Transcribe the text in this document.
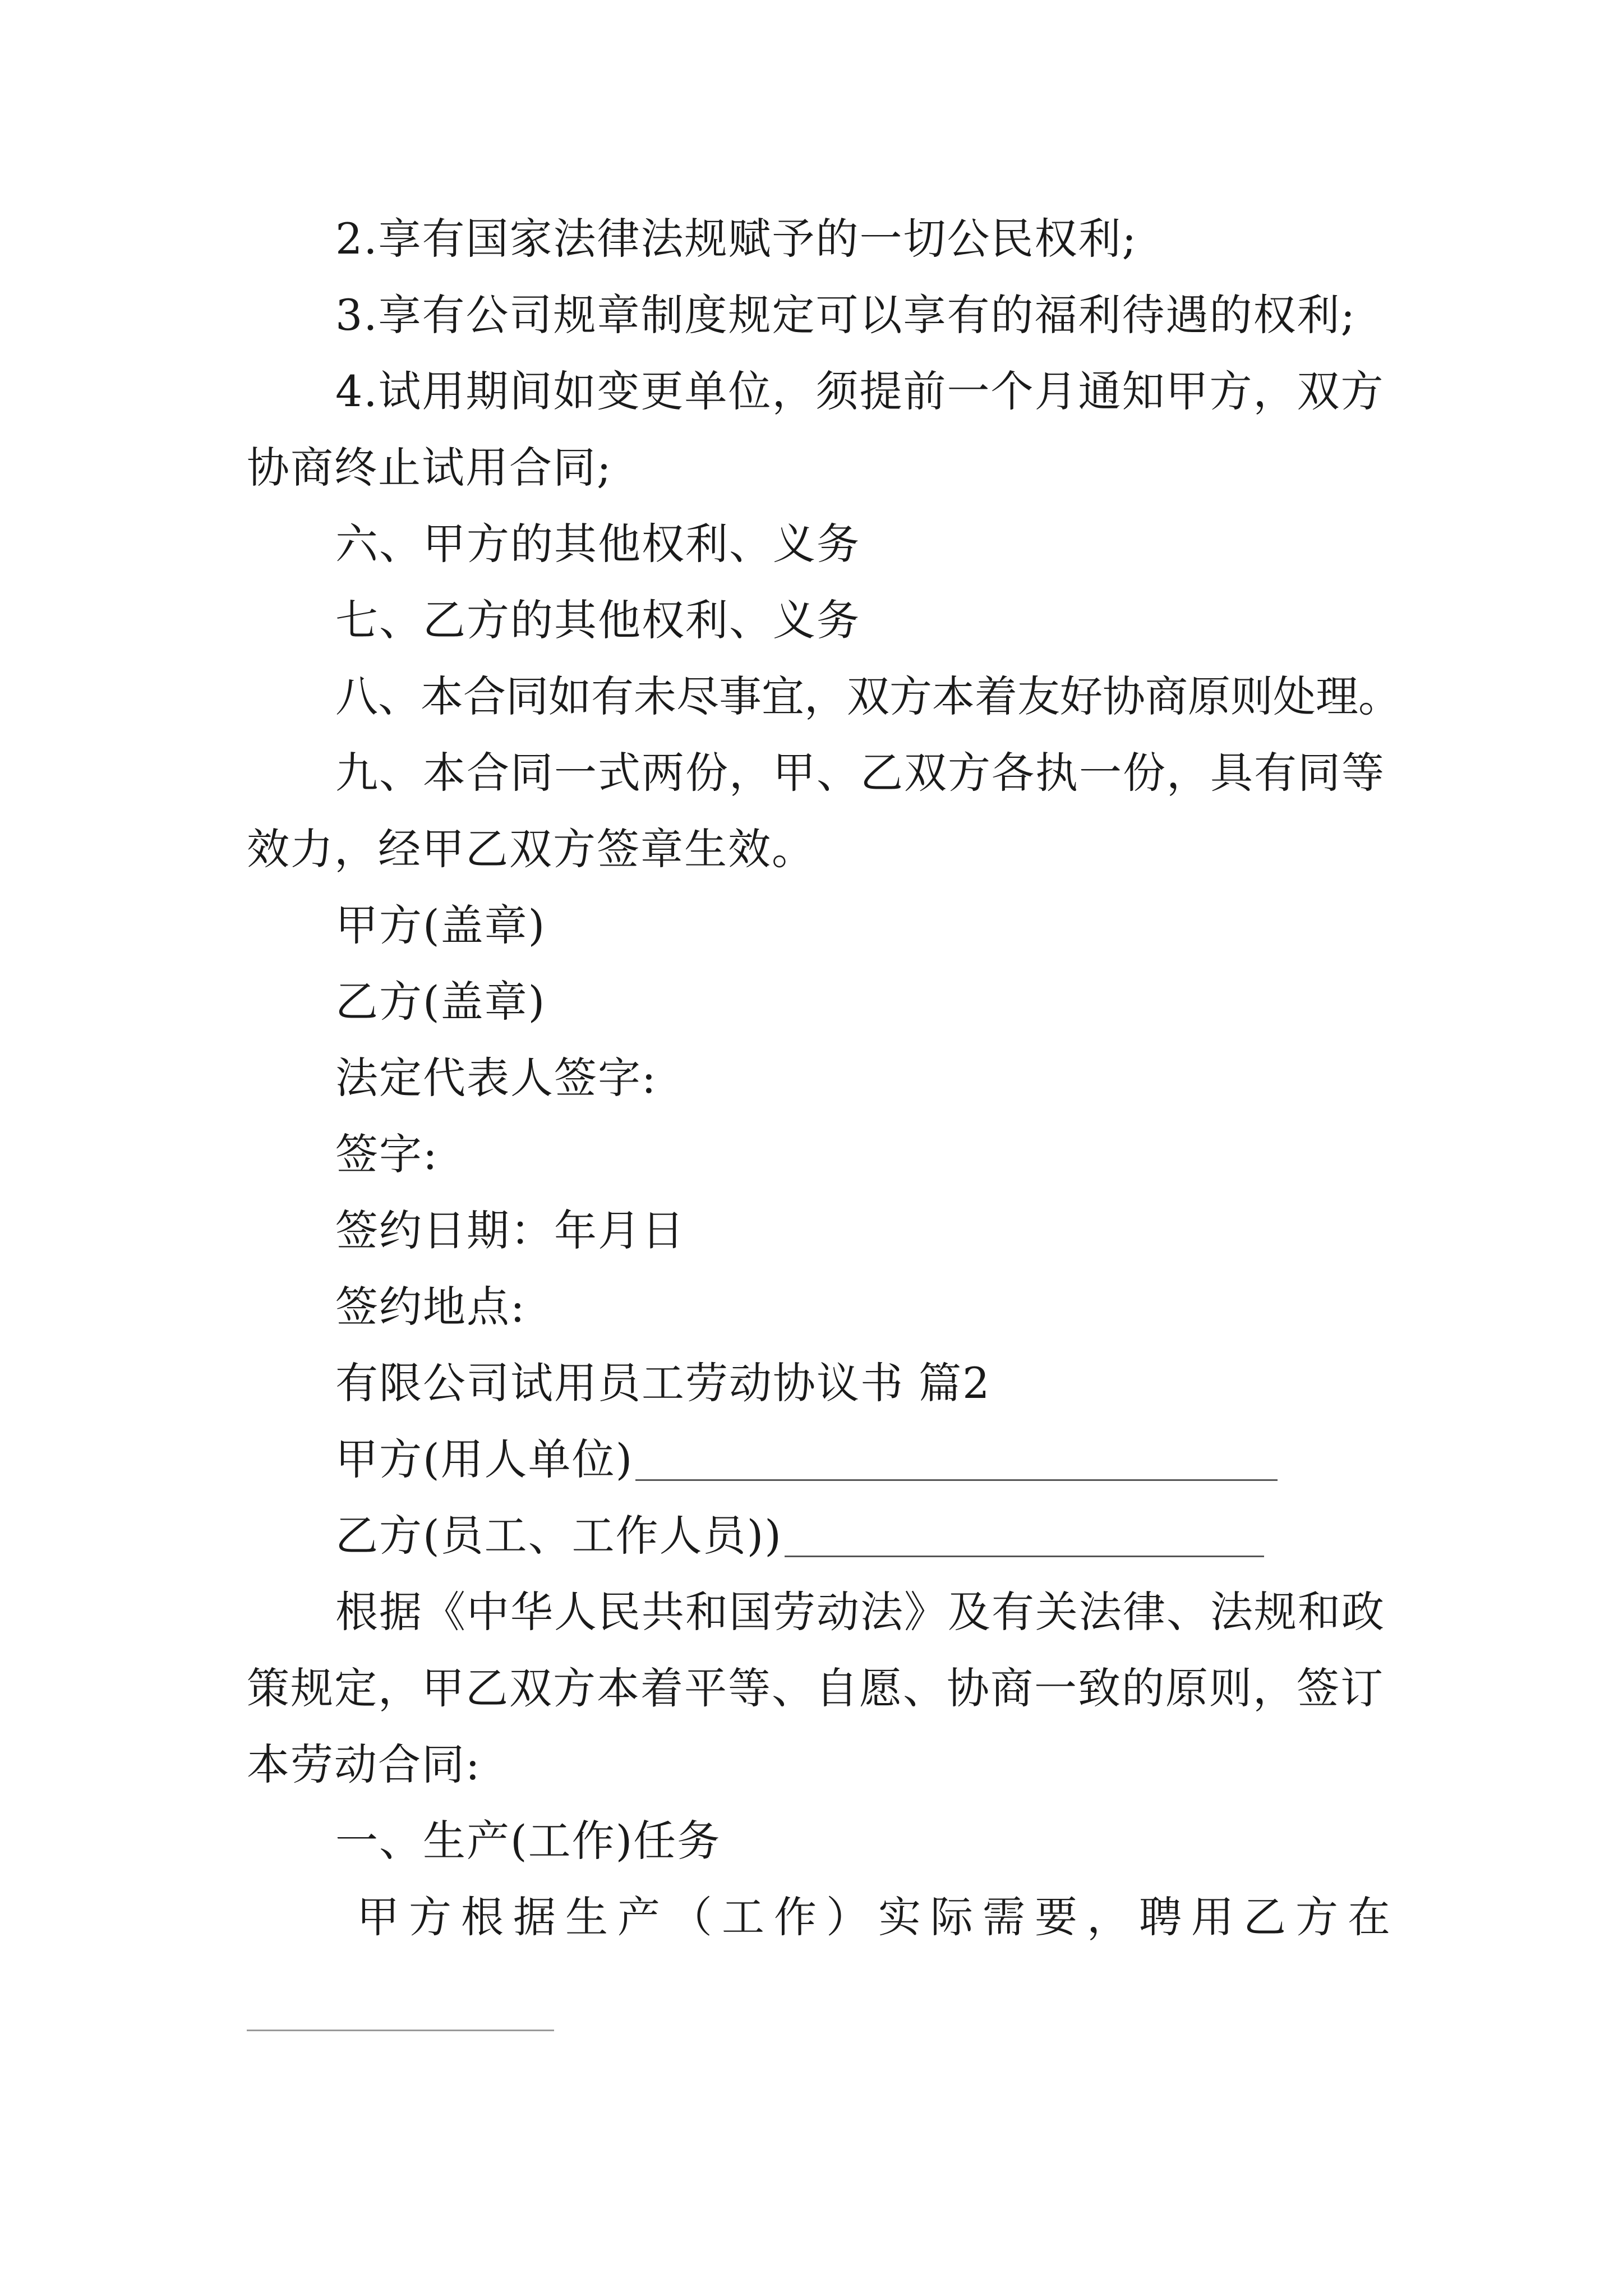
2.享有国家法律法规赋予的一切公民权利;
3.享有公司规章制度规定可以享有的福利待遇的权利;
4.试用期间如变更单位，须提前一个月通知甲方，双方
协商终止试用合同;
六、甲方的其他权利、义务
七、乙方的其他权利、义务
八、本合同如有未尽事宜，双方本着友好协商原则处理。
九、本合同一式两份，甲、乙双方各执一份，具有同等
效力，经甲乙双方签章生效。
甲方(盖章)
乙方(盖章)
法定代表人签字:
签字:
签约日期：年月日
签约地点:
有限公司试用员工劳动协议书 篇2
甲方(用人单位)
乙方(员工、工作人员))
根据《中华人民共和国劳动法》及有关法律、法规和政
策规定，甲乙双方本着平等、自愿、协商一致的原则，签订
本劳动合同:
一、生产(工作)任务
甲方根据生产（工作）实际需要，聘用乙方在
